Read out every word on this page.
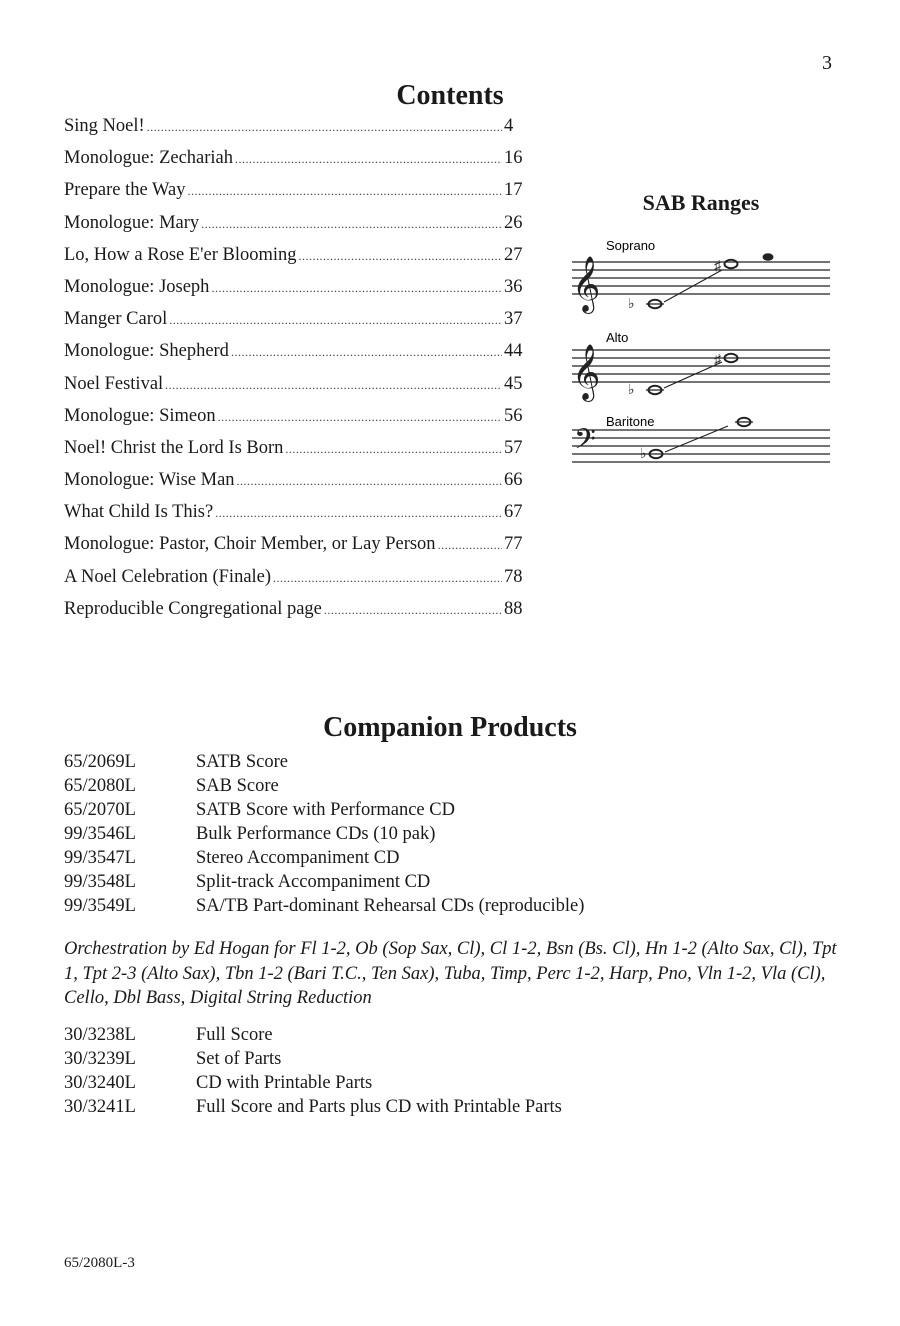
3
Contents
Sing Noel! .....	4
Monologue: Zechariah .....	16
Prepare the Way .....	17
Monologue: Mary .....	26
Lo, How a Rose E'er Blooming .....	27
Monologue: Joseph .....	36
Manger Carol .....	37
Monologue: Shepherd .....	44
Noel Festival .....	45
Monologue: Simeon .....	56
Noel! Christ the Lord Is Born .....	57
Monologue: Wise Man .....	66
What Child Is This? .....	67
Monologue: Pastor, Choir Member, or Lay Person .....	77
A Noel Celebration (Finale) .....	78
Reproducible Congregational page .....	88
SAB Ranges
Soprano
𝄞 ♭
♯
Alto
𝄞 ♭
♯
Baritone
𝄢	♭
Companion Products
65/2069L	SATB Score
65/2080L	SAB Score
65/2070L	SATB Score with Performance CD
99/3546L	Bulk Performance CDs (10 pak)
99/3547L	Stereo Accompaniment CD
99/3548L	Split-track Accompaniment CD
99/3549L	SA/TB Part-dominant Rehearsal CDs (reproducible)

Orchestration by Ed Hogan for Fl 1-2, Ob (Sop Sax, Cl), Cl 1-2, Bsn (Bs. Cl), Hn 1-2 (Alto Sax, Cl), Tpt 1, Tpt 2-3 (Alto Sax), Tbn 1-2 (Bari T.C., Ten Sax), Tuba, Timp, Perc 1-2, Harp, Pno, Vln 1-2, Vla (Cl), Cello, Dbl Bass, Digital String Reduction

30/3238L	Full Score
30/3239L	Set of Parts
30/3240L	CD with Printable Parts
30/3241L	Full Score and Parts plus CD with Printable Parts
65/2080L-3
